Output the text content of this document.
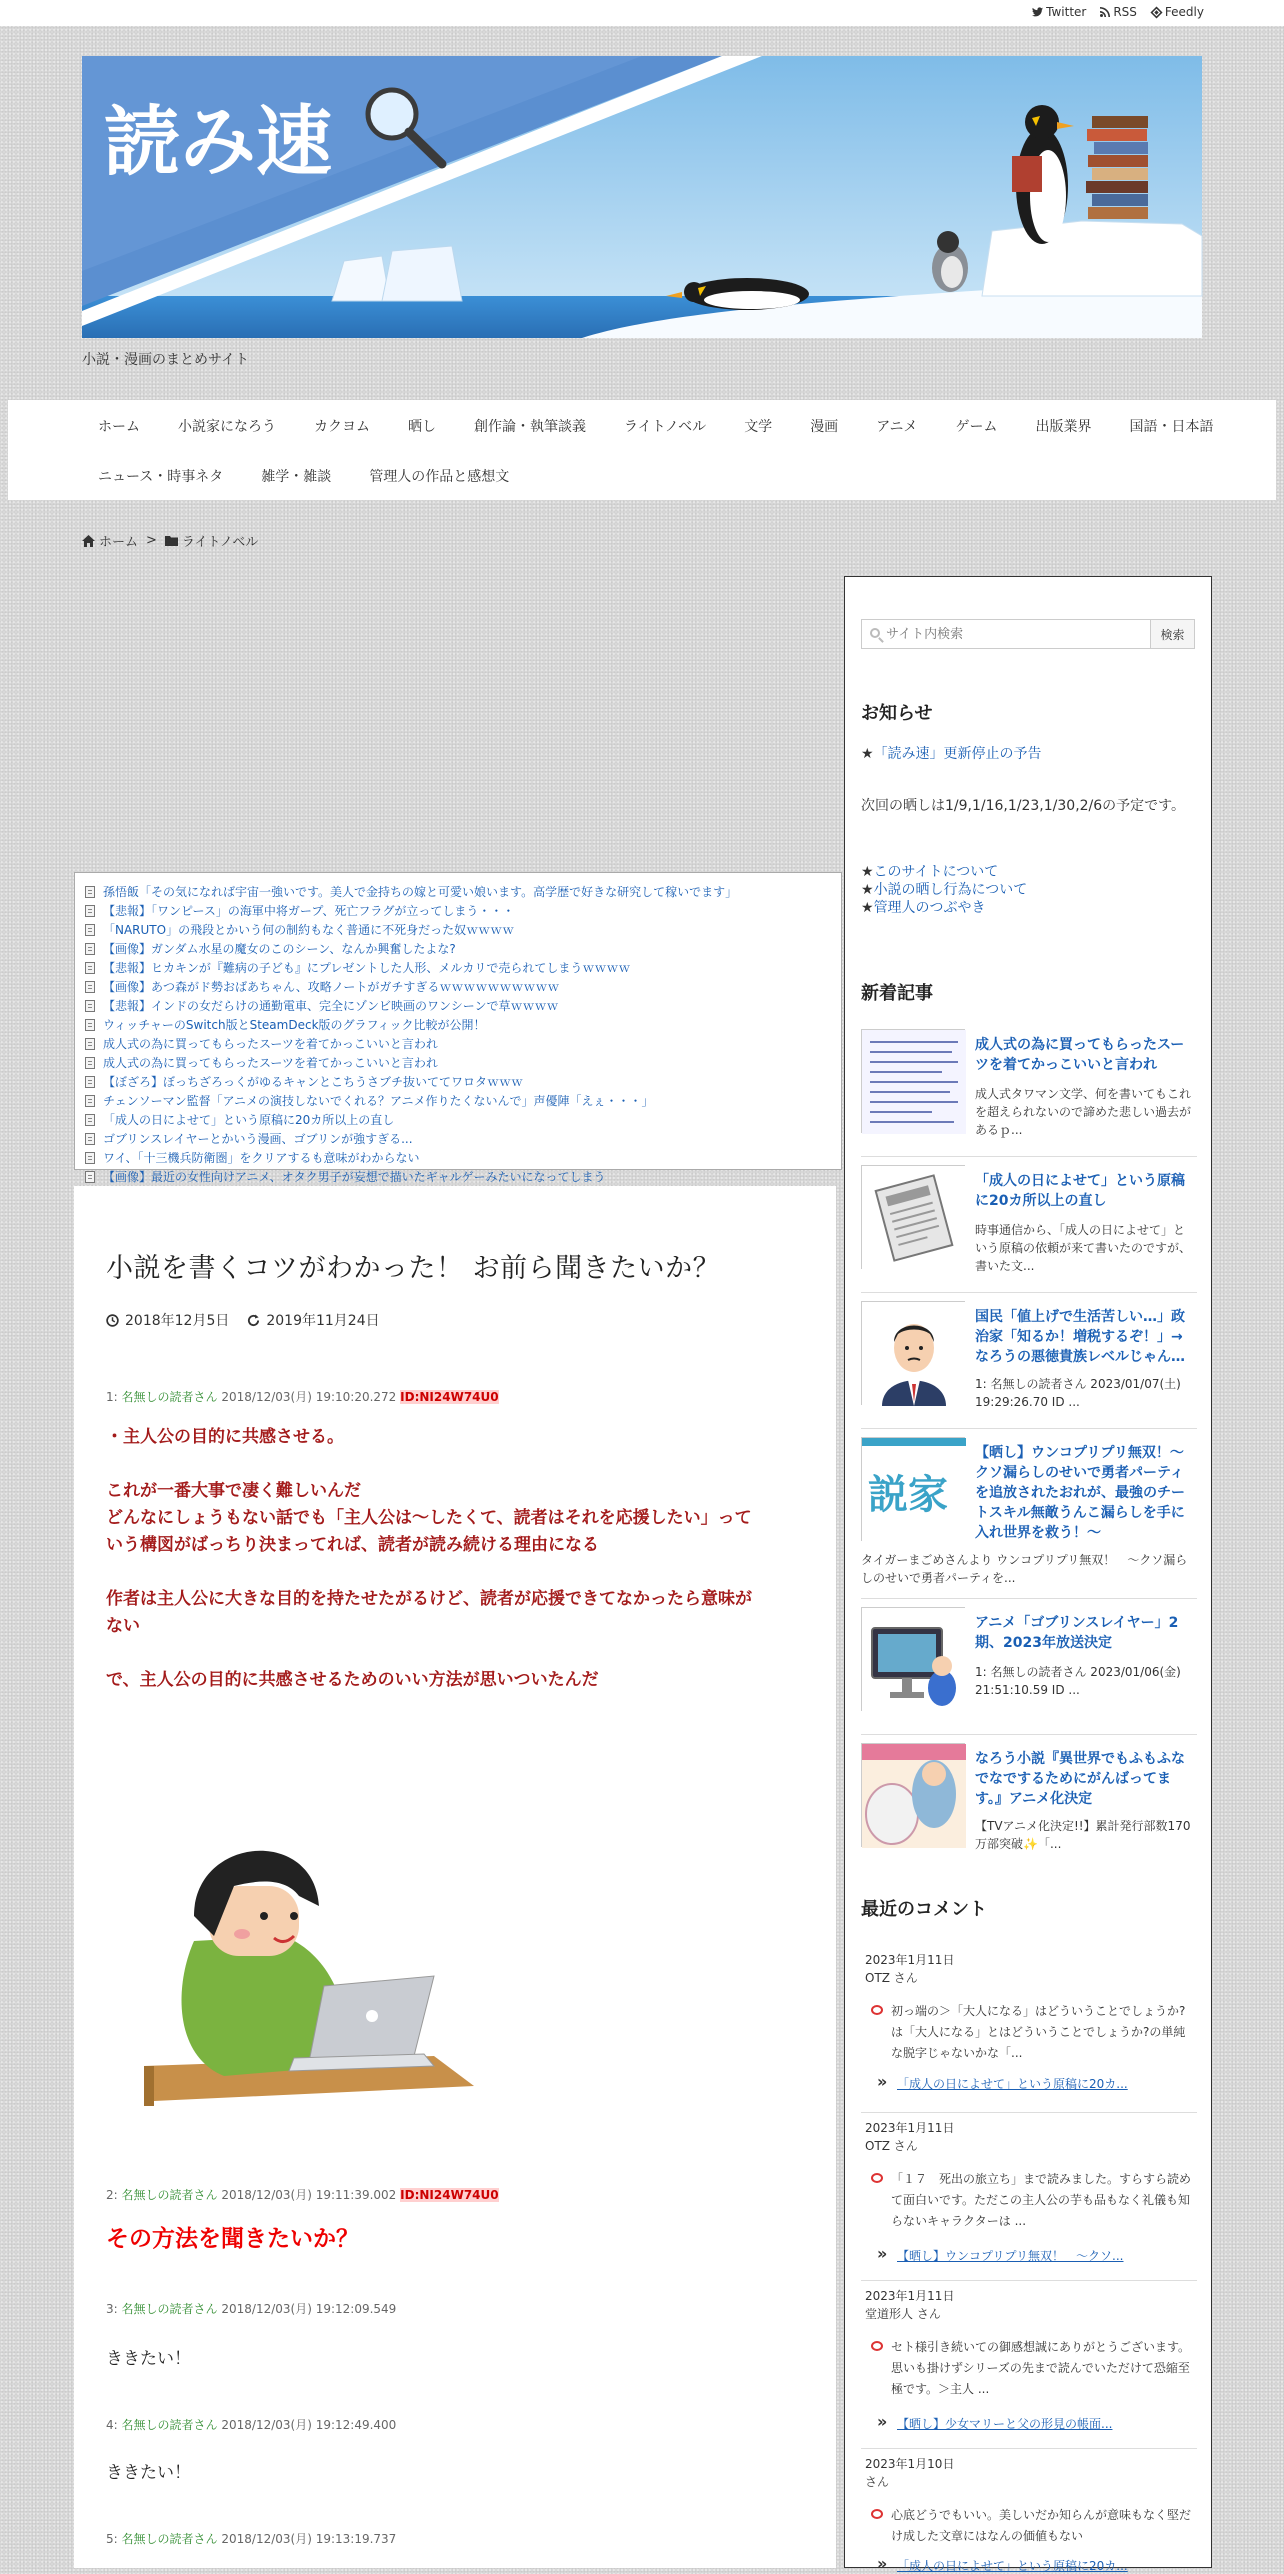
Twitter RSS Feedly
読み速
小説・漫画のまとめサイト
ホーム	小説家になろう	カクヨム	晒し	創作論・執筆談義	ライトノベル	文学	漫画	アニメ	ゲーム	出版業界	国語・日本語
ニュース・時事ネタ	雑学・雑談	管理人の作品と感想文
ホーム > ライトノベル
孫悟飯「その気になれば宇宙一強いです。美人で金持ちの嫁と可愛い娘います。高学歴で好きな研究して稼いでます」
【悲報】「ワンピース」の海軍中将ガープ、死亡フラグが立ってしまう・・・
「NARUTO」の飛段とかいう何の制約もなく普通に不死身だった奴ｗｗｗｗ
【画像】ガンダム水星の魔女のこのシーン、なんか興奮したよな?
【悲報】ヒカキンが『難病の子ども』にプレゼントした人形、メルカリで売られてしまうｗｗｗｗ
【画像】あつ森がド勢おばあちゃん、攻略ノートがガチすぎるｗｗｗｗｗｗｗｗｗｗ
【悲報】インドの女だらけの通勤電車、完全にゾンビ映画のワンシーンで草ｗｗｗｗ
ウィッチャーのSwitch版とSteamDeck版のグラフィック比較が公開！
成人式の為に買ってもらったスーツを着てかっこいいと言われ
成人式の為に買ってもらったスーツを着てかっこいいと言われ
【ぼざろ】ぼっちざろっくがゆるキャンとこちうさブチ抜いててワロタｗｗｗ
チェンソーマン監督「アニメの演技しないでくれる？アニメ作りたくないんで」声優陣「えぇ・・・」
「成人の日によせて」という原稿に20カ所以上の直し
ゴブリンスレイヤーとかいう漫画、ゴブリンが強すぎる...
ワイ、「十三機兵防衛圏」をクリアするも意味がわからない
【画像】最近の女性向けアニメ、オタク男子が妄想で描いたギャルゲーみたいになってしまう
小説を書くコツがわかった！ お前ら聞きたいか？
2018年12月5日	2019年11月24日
1: 名無しの読者さん 2018/12/03(月) 19:10:20.272 ID:NI24W74U0
・主人公の目的に共感させる。
これが一番大事で凄く難しいんだ
どんなにしょうもない話でも「主人公は～したくて、読者はそれを応援したい」って
いう構図がばっちり決まってれば、読者が読み続ける理由になる
作者は主人公に大きな目的を持たせたがるけど、読者が応援できてなかったら意味が
ない
で、主人公の目的に共感させるためのいい方法が思いついたんだ
2: 名無しの読者さん 2018/12/03(月) 19:11:39.002 ID:NI24W74U0
その方法を聞きたいか？
3: 名無しの読者さん 2018/12/03(月) 19:12:09.549
ききたい！
4: 名無しの読者さん 2018/12/03(月) 19:12:49.400
ききたい！
5: 名無しの読者さん 2018/12/03(月) 19:13:19.737
サイト内検索
検索
お知らせ
★「読み速」更新停止の予告
次回の晒しは1/9,1/16,1/23,1/30,2/6の予定です。
★このサイトについて
★小説の晒し行為について
★管理人のつぶやき
新着記事
成人式の為に買ってもらったスーツを着てかっこいいと言われ
成人式タワマン文学、何を書いてもこれを超えられないので諦めた悲しい過去があるｐ...
「成人の日によせて」という原稿に20カ所以上の直し
時事通信から、「成人の日によせて」という原稿の依頼が来て書いたのですが、書いた文...
国民「値上げで生活苦しい…」政治家「知るか！増税するぞ！」→なろうの悪徳貴族レベルじゃん…
1: 名無しの読者さん 2023/01/07(土) 19:29:26.70 ID ...
説家
【晒し】ウンコプリプリ無双！〜クソ漏らしのせいで勇者パーティを追放されたおれが、最強のチートスキル無敵うんこ漏らしを手に入れ世界を救う！〜
タイガーまごめさんより ウンコプリプリ無双！　〜クソ漏らしのせいで勇者パーティを...
アニメ「ゴブリンスレイヤー」2期、2023年放送決定
1: 名無しの読者さん 2023/01/06(金) 21:51:10.59 ID ...
なろう小説『異世界でもふもふなでなでするためにがんばってます。』アニメ化決定
【TVアニメ化決定!!】累計発行部数170万部突破✨「...
最近のコメント
2023年1月11日
OTZ さん
初っ端の＞「大人になる」はどういうことでしょうか?は「大人になる」とはどういうことでしょうか?の単純な脱字じゃないかな「...
» 「成人の日によせて」という原稿に20カ...
2023年1月11日
OTZ さん
「１７　死出の旅立ち」まで読みました。すらすら読めて面白いです。ただこの主人公の芋も品もなく礼儀も知らないキャラクターは ...
» 【晒し】ウンコプリプリ無双！　〜クソ...
2023年1月11日
堂道形人 さん
セト様引き続いての御感想誠にありがとうございます。思いも掛けずシリーズの先まで読んでいただけて恐縮至極です。＞主人 ...
» 【晒し】少女マリーと父の形見の帳面...
2023年1月10日
さん
心底どうでもいい。美しいだか知らんが意味もなく堅だけ成した文章にはなんの価値もない
» 「成人の日によせて」という原稿に20カ...
